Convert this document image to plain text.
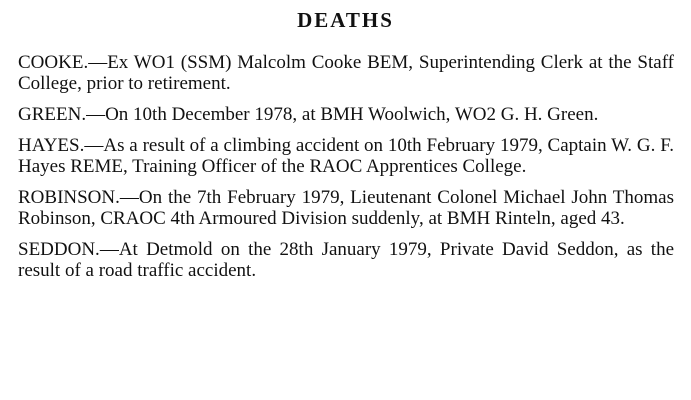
DEATHS

COOKE.—Ex WO1 (SSM) Malcolm Cooke BEM, Superintending Clerk at the Staff College, prior to retirement.

GREEN.—On 10th December 1978, at BMH Woolwich, WO2 G. H. Green.

HAYES.—As a result of a climbing accident on 10th February 1979, Captain W. G. F. Hayes REME, Training Officer of the RAOC Apprentices College.

ROBINSON.—On the 7th February 1979, Lieutenant Colonel Michael John Thomas Robinson, CRAOC 4th Armoured Division suddenly, at BMH Rinteln, aged 43.

SEDDON.—At Detmold on the 28th January 1979, Private David Seddon, as the result of a road traffic accident.
